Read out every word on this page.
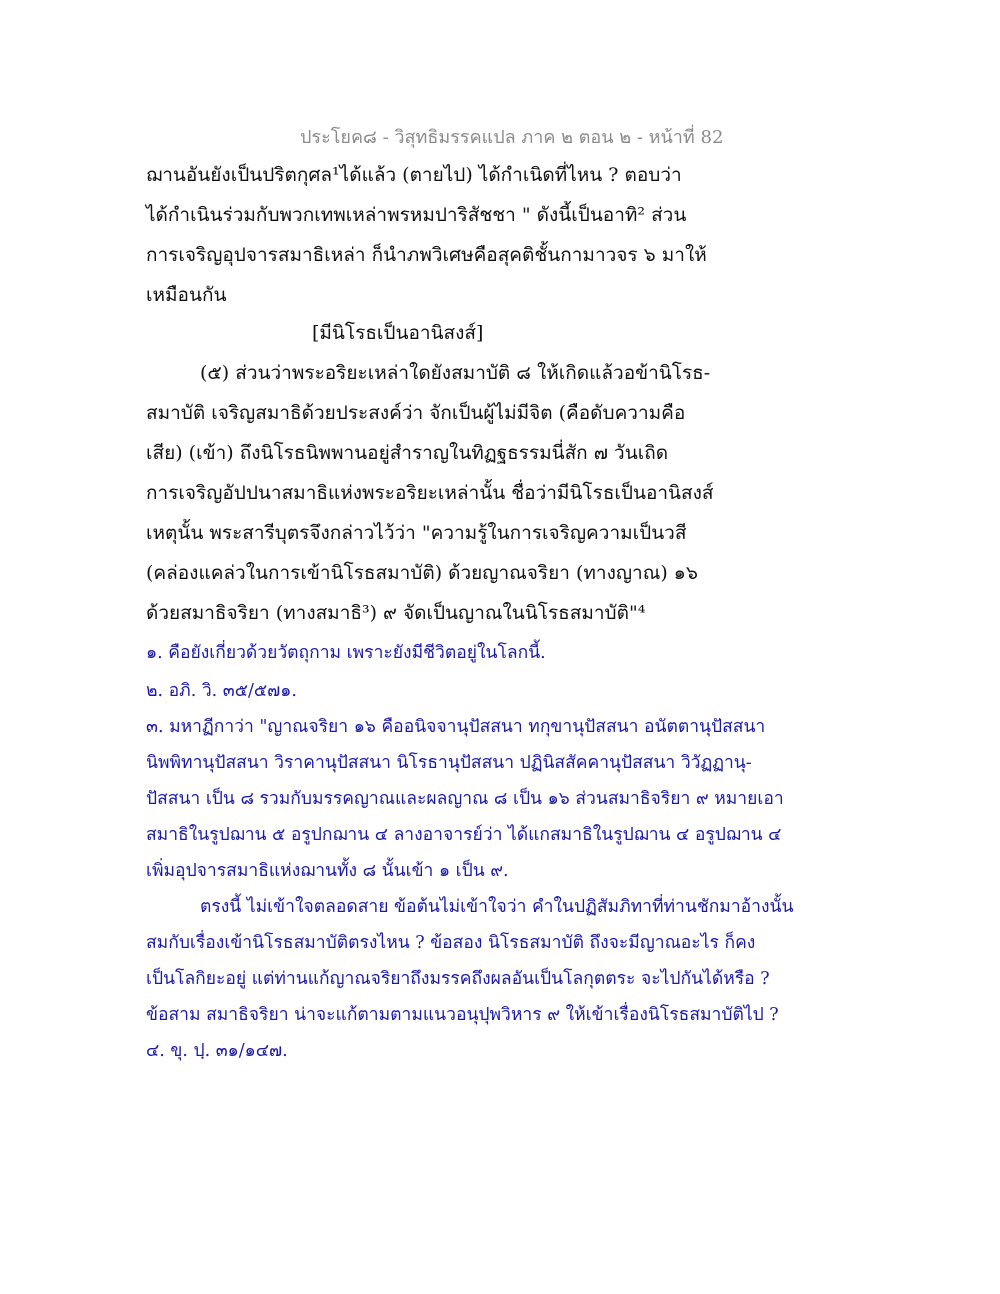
ประโยค๘ - วิสุทธิมรรคแปล ภาค ๒ ตอน ๒ - หน้าที่ 82
ฌานอันยังเป็นปริตกุศล¹ได้แล้ว (ตายไป) ได้กำเนิดที่ไหน ? ตอบว่า
ได้กำเนินร่วมกับพวกเทพเหล่าพรหมปาริสัชชา " ดังนี้เป็นอาทิ² ส่วน
การเจริญอุปจารสมาธิเหล่า ก็นำภพวิเศษคือสุคติชั้นกามาวจร ๖ มาให้
เหมือนกัน
[มีนิโรธเป็นอานิสงส์]
(๕) ส่วนว่าพระอริยะเหล่าใดยังสมาบัติ ๘ ให้เกิดแล้วอข้านิโรธ-
สมาบัติ เจริญสมาธิด้วยประสงค์ว่า จักเป็นผู้ไม่มีจิต (คือดับความคือ
เสีย) (เข้า) ถึงนิโรธนิพพานอยู่สำราญในทิฏฐธรรมนี่สัก ๗ วันเถิด
การเจริญอัปปนาสมาธิแห่งพระอริยะเหล่านั้น ชื่อว่ามีนิโรธเป็นอานิสงส์
เหตุนั้น พระสารีบุตรจึงกล่าวไว้ว่า "ความรู้ในการเจริญความเป็นวสี
(คล่องแคล่วในการเข้านิโรธสมาบัติ) ด้วยญาณจริยา (ทางญาณ) ๑๖
ด้วยสมาธิจริยา (ทางสมาธิ³) ๙ จัดเป็นญาณในนิโรธสมาบัติ"⁴
๑. คือยังเกี่ยวด้วยวัตถุกาม เพราะยังมีชีวิตอยู่ในโลกนี้.
๒. อภิ. วิ. ๓๕/๕๗๑.
๓. มหาฏีกาว่า "ญาณจริยา ๑๖ คืออนิจจานุปัสสนา ทกุขานุปัสสนา อนัตตานุปัสสนา
นิพพิทานุปัสสนา วิราคานุปัสสนา นิโรธานุปัสสนา ปฏินิสสัคคานุปัสสนา วิวัฏฏานุ-
ปัสสนา เป็น ๘ รวมกับมรรคญาณและผลญาณ ๘ เป็น ๑๖ ส่วนสมาธิจริยา ๙ หมายเอา
สมาธิในรูปฌาน ๕ อรูปกฌาน ๔ ลางอาจารย์ว่า ได้แกสมาธิในรูปฌาน ๔ อรูปฌาน ๔
เพิ่มอุปจารสมาธิแห่งฌานทั้ง ๘ นั้นเข้า ๑ เป็น ๙.
ตรงนี้ ไม่เข้าใจตลอดสาย ข้อต้นไม่เข้าใจว่า คำในปฏิสัมภิทาที่ท่านชักมาอ้างนั้น
สมกับเรื่องเข้านิโรธสมาบัติตรงไหน ? ข้อสอง นิโรธสมาบัติ ถึงจะมีญาณอะไร ก็คง
เป็นโลกิยะอยู่ แต่ท่านแก้ญาณจริยาถึงมรรคถึงผลอันเป็นโลกุตตระ จะไปกันได้หรือ ?
ข้อสาม สมาธิจริยา น่าจะแก้ตามตามแนวอนุปุพวิหาร ๙ ให้เข้าเรื่องนิโรธสมาบัติไป ?
๔. ขุ. ปฺ. ๓๑/๑๔๗.
